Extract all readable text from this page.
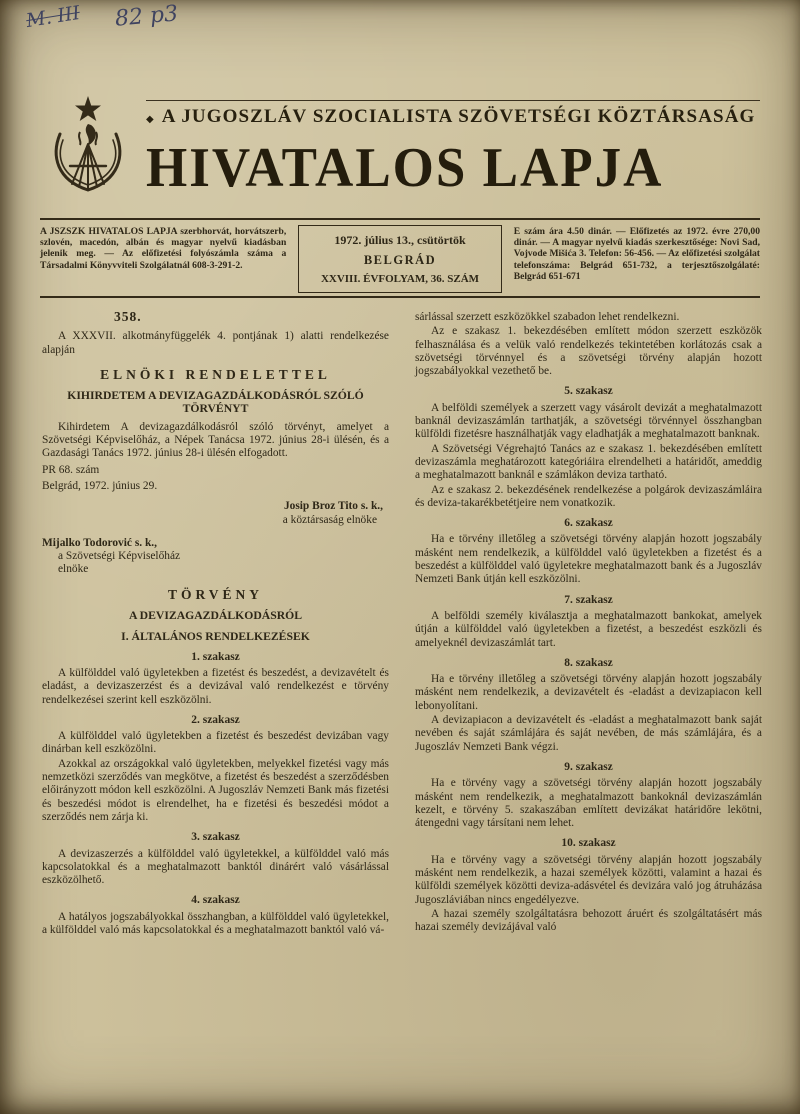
M. III 82 p3
◆ A JUGOSZLÁV SZOCIALISTA SZÖVETSÉGI KÖZTÁRSASÁG
HIVATALOS LAPJA
A JSZSZK HIVATALOS LAPJA szerbhorvát, horvátszerb, szlovén, macedón, albán és magyar nyelvű kiadásban jelenik meg. — Az előfizetési folyószámla száma a Társadalmi Könyvviteli Szolgálatnál 608-3-291-2.
1972. július 13., csütörtök
BELGRÁD
XXVIII. ÉVFOLYAM, 36. SZÁM
E szám ára 4.50 dinár. — Előfizetés az 1972. évre 270,00 dinár. — A magyar nyelvű kiadás szerkesztősége: Novi Sad, Vojvode Mišića 3. Telefon: 56-456. — Az előfizetési szolgálat telefonszáma: Belgrád 651-732, a terjesztőszolgálaté: Belgrád 651-671
358.
A XXXVII. alkotmányfüggelék 4. pontjának 1) alatti rendelkezése alapján
ELNÖKI RENDELETTEL
KIHIRDETEM A DEVIZAGAZDÁLKODÁSRÓL SZÓLÓ TÖRVÉNYT
Kihirdetem A devizagazdálkodásról szóló törvényt, amelyet a Szövetségi Képviselőház, a Népek Tanácsa 1972. június 28-i ülésén, és a Gazdasági Tanács 1972. június 28-i ülésén elfogadott.
PR 68. szám
Belgrád, 1972. június 29.
Josip Broz Tito s. k.,
a köztársaság elnöke
Mijalko Todorović s. k.,
a Szövetségi Képviselőház
elnöke
TÖRVÉNY
A DEVIZAGAZDÁLKODÁSRÓL
I. ÁLTALÁNOS RENDELKEZÉSEK
1. szakasz
A külfölddel való ügyletekben a fizetést és beszedést, a devizavételt és eladást, a devizaszerzést és a devizával való rendelkezést e törvény rendelkezései szerint kell eszközölni.
2. szakasz
A külfölddel való ügyletekben a fizetést és beszedést devizában vagy dinárban kell eszközölni.
Azokkal az országokkal való ügyletekben, melyekkel fizetési vagy más nemzetközi szerződés van megkötve, a fizetést és beszedést a szerződésben előirányzott módon kell eszközölni. A Jugoszláv Nemzeti Bank más fizetési és beszedési módot is elrendelhet, ha e fizetési és beszedési módot a szerződés nem zárja ki.
3. szakasz
A devizaszerzés a külfölddel való ügyletekkel, a külfölddel való más kapcsolatokkal és a meghatalmazott banktól dinárért való vásárlással eszközölhető.
4. szakasz
A hatályos jogszabályokkal összhangban, a külfölddel való ügyletekkel, a külfölddel való más kapcsolatokkal és a meghatalmazott banktól való vá-
sárlással szerzett eszközökkel szabadon lehet rendelkezni.
Az e szakasz 1. bekezdésében említett módon szerzett eszközök felhasználása és a velük való rendelkezés tekintetében korlátozás csak a szövetségi törvénnyel és a szövetségi törvény alapján hozott jogszabályokkal vezethető be.
5. szakasz
A belföldi személyek a szerzett vagy vásárolt devizát a meghatalmazott banknál devizaszámlán tarthatják, a szövetségi törvénnyel összhangban külföldi fizetésre használhatják vagy eladhatják a meghatalmazott banknak.
A Szövetségi Végrehajtó Tanács az e szakasz 1. bekezdésében említett devizaszámla meghatározott kategóriáira elrendelheti a határidőt, ameddig a meghatalmazott banknál e számlákon deviza tartható.
Az e szakasz 2. bekezdésének rendelkezése a polgárok devizaszámláira és deviza-takarékbetétjeire nem vonatkozik.
6. szakasz
Ha e törvény illetőleg a szövetségi törvény alapján hozott jogszabály másként nem rendelkezik, a külfölddel való ügyletekben a fizetést és a beszedést a külfölddel való ügyletekre meghatalmazott bank és a Jugoszláv Nemzeti Bank útján kell eszközölni.
7. szakasz
A belföldi személy kiválasztja a meghatalmazott bankokat, amelyek útján a külfölddel való ügyletekben a fizetést, a beszedést eszközli és amelyeknél devizaszámlát tart.
8. szakasz
Ha e törvény illetőleg a szövetségi törvény alapján hozott jogszabály másként nem rendelkezik, a devizavételt és -eladást a devizapiacon kell lebonyolítani.
A devizapiacon a devizavételt és -eladást a meghatalmazott bank saját nevében és saját számlájára és saját nevében, de más számlájára, és a Jugoszláv Nemzeti Bank végzi.
9. szakasz
Ha e törvény vagy a szövetségi törvény alapján hozott jogszabály másként nem rendelkezik, a meghatalmazott bankoknál devizaszámlán kezelt, e törvény 5. szakaszában említett devizákat határidőre lekötni, átengedni vagy társítani nem lehet.
10. szakasz
Ha e törvény vagy a szövetségi törvény alapján hozott jogszabály másként nem rendelkezik, a hazai személyek közötti, valamint a hazai és külföldi személyek közötti deviza-adásvétel és devizára való jog átruházása Jugoszláviában nincs engedélyezve.
A hazai személy szolgáltatásra behozott áruért és szolgáltatásért más hazai személy devizájával való
